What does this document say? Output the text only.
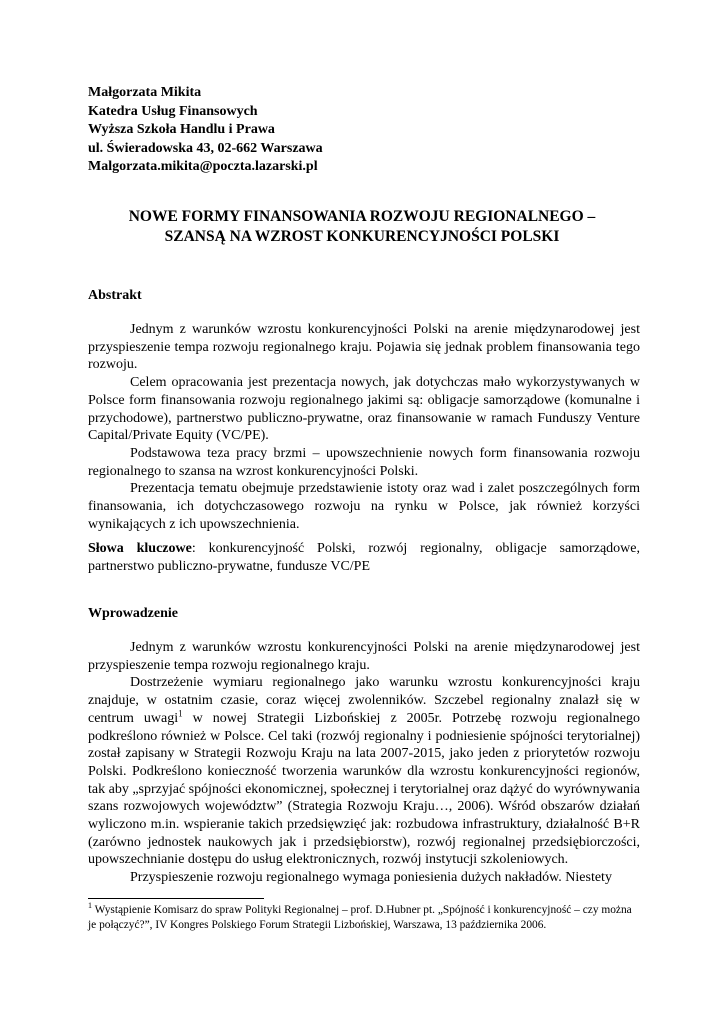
Małgorzata Mikita
Katedra Usług Finansowych
Wyższa Szkoła Handlu i Prawa
ul. Świeradowska 43, 02-662 Warszawa
Malgorzata.mikita@poczta.lazarski.pl
NOWE FORMY FINANSOWANIA ROZWOJU REGIONALNEGO –
SZANSĄ NA WZROST KONKURENCYJNOŚCI POLSKI
Abstrakt

Jednym z warunków wzrostu konkurencyjności Polski na arenie międzynarodowej jest przyspieszenie tempa rozwoju regionalnego kraju. Pojawia się jednak problem finansowania tego rozwoju.

Celem opracowania jest prezentacja nowych, jak dotychczas mało wykorzystywanych w Polsce form finansowania rozwoju regionalnego jakimi są: obligacje samorządowe (komunalne i przychodowe), partnerstwo publiczno-prywatne, oraz finansowanie w ramach Funduszy Venture Capital/Private Equity (VC/PE).

Podstawowa teza pracy brzmi – upowszechnienie nowych form finansowania rozwoju regionalnego to szansa na wzrost konkurencyjności Polski.

Prezentacja tematu obejmuje przedstawienie istoty oraz wad i zalet poszczególnych form finansowania, ich dotychczasowego rozwoju na rynku w Polsce, jak również korzyści wynikających z ich upowszechnienia.

Słowa kluczowe: konkurencyjność Polski, rozwój regionalny, obligacje samorządowe, partnerstwo publiczno-prywatne, fundusze VC/PE

Wprowadzenie

Jednym z warunków wzrostu konkurencyjności Polski na arenie międzynarodowej jest przyspieszenie tempa rozwoju regionalnego kraju.

Dostrzeżenie wymiaru regionalnego jako warunku wzrostu konkurencyjności kraju znajduje, w ostatnim czasie, coraz więcej zwolenników. Szczebel regionalny znalazł się w centrum uwagi$^1$ w nowej Strategii Lizbońskiej z 2005r. Potrzebę rozwoju regionalnego podkreślono również w Polsce. Cel taki (rozwój regionalny i podniesienie spójności terytorialnej) został zapisany w Strategii Rozwoju Kraju na lata 2007-2015, jako jeden z priorytetów rozwoju Polski. Podkreślono konieczność tworzenia warunków dla wzrostu konkurencyjności regionów, tak aby „sprzyjać spójności ekonomicznej, społecznej i terytorialnej oraz dążyć do wyrównywania szans rozwojowych województw” (Strategia Rozwoju Kraju…, 2006). Wśród obszarów działań wyliczono m.in. wspieranie takich przedsięwzięć jak: rozbudowa infrastruktury, działalność B+R (zarówno jednostek naukowych jak i przedsiębiorstw), rozwój regionalnej przedsiębiorczości, upowszechnianie dostępu do usług elektronicznych, rozwój instytucji szkoleniowych.

Przyspieszenie rozwoju regionalnego wymaga poniesienia dużych nakładów. Niestety

$^1$ Wystąpienie Komisarz do spraw Polityki Regionalnej – prof. D.Hubner pt. „Spójność i konkurencyjność – czy można je połączyć?”, IV Kongres Polskiego Forum Strategii Lizbońskiej, Warszawa, 13 października 2006.
